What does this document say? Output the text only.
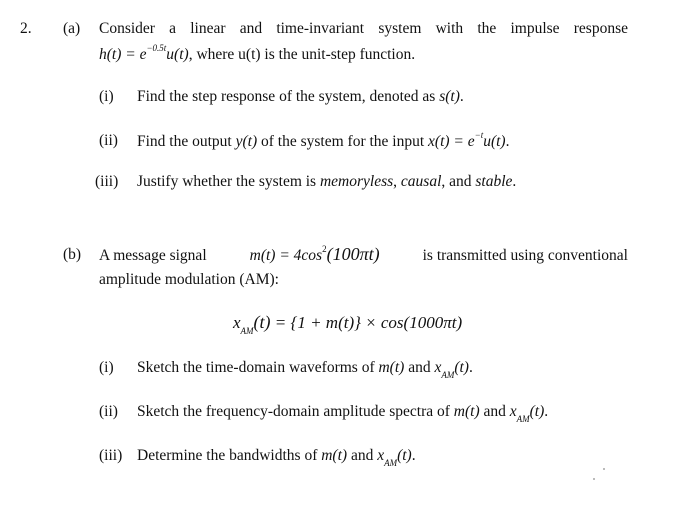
2. (a) Consider a linear and time-invariant system with the impulse response
$h(t) = e^{-0.5t}u(t)$, where u(t) is the unit-step function.
(i) Find the step response of the system, denoted as s(t).
(ii) Find the output y(t) of the system for the input $x(t) = e^{-t}u(t)$.
(iii) Justify whether the system is memoryless, causal, and stable.
(b) A message signal	$m(t) = 4\cos^2(100\pi t)$	is transmitted using conventional
amplitude modulation (AM):
$x_{AM}(t) = \{1 + m(t)\} \times \cos(1000\pi t)$
(i) Sketch the time-domain waveforms of m(t) and $x_{AM}(t)$.
(ii) Sketch the frequency-domain amplitude spectra of m(t) and $x_{AM}(t)$.
(iii) Determine the bandwidths of m(t) and $x_{AM}(t)$.
